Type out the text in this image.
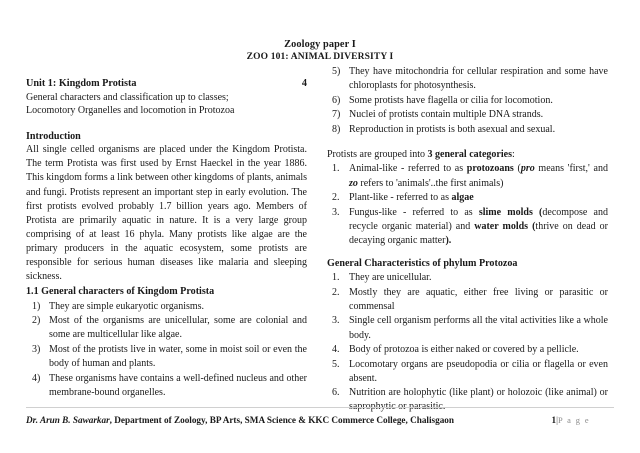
Zoology paper I
ZOO 101: ANIMAL DIVERSITY I
Unit 1: Kingdom Protista	4
General characters and classification up to classes;
Locomotory Organelles and locomotion in Protozoa
Introduction

All single celled organisms are placed under the Kingdom Protista. The term Protista was first used by Ernst Haeckel in the year 1886. This kingdom forms a link between other kingdoms of plants, animals and fungi. Protists represent an important step in early evolution. The first protists evolved probably 1.7 billion years ago. Members of Protista are primarily aquatic in nature. It is a very large group comprising of at least 16 phyla. Many protists like algae are the primary producers in the aquatic ecosystem, some protists are responsible for serious human diseases like malaria and sleeping sickness.

1.1 General characters of Kingdom Protista
1) They are simple eukaryotic organisms.
2) Most of the organisms are unicellular, some are colonial and some are multicellular like algae.
3) Most of the protists live in water, some in moist soil or even the body of human and plants.
4) These organisms have contains a well-defined nucleus and other membrane-bound organelles.
5) They have mitochondria for cellular respiration and some have chloroplasts for photosynthesis.
6) Some protists have flagella or cilia for locomotion.
7) Nuclei of protists contain multiple DNA strands.
8) Reproduction in protists is both asexual and sexual.

Protists are grouped into 3 general categories:

1. Animal-like - referred to as protozoans (pro means 'first,' and zo refers to 'animals'..the first animals)
2. Plant-like - referred to as algae
3. Fungus-like - referred to as slime molds (decompose and recycle organic material) and water molds (thrive on dead or decaying organic matter).
General Characteristics of phylum Protozoa
1. They are unicellular.
2. Mostly they are aquatic, either free living or parasitic or commensal
3. Single cell organism performs all the vital activities like a whole body.
4. Body of protozoa is either naked or covered by a pellicle.
5. Locomotary organs are pseudopodia or cilia or flagella or even absent.
6. Nutrition are holophytic (like plant) or holozoic (like animal) or saprophytic or parasitic.
Dr. Arun B. Sawarkar, Department of Zoology, BP Arts, SMA Science & KKC Commerce College, Chalisgaon	1|P a g e
